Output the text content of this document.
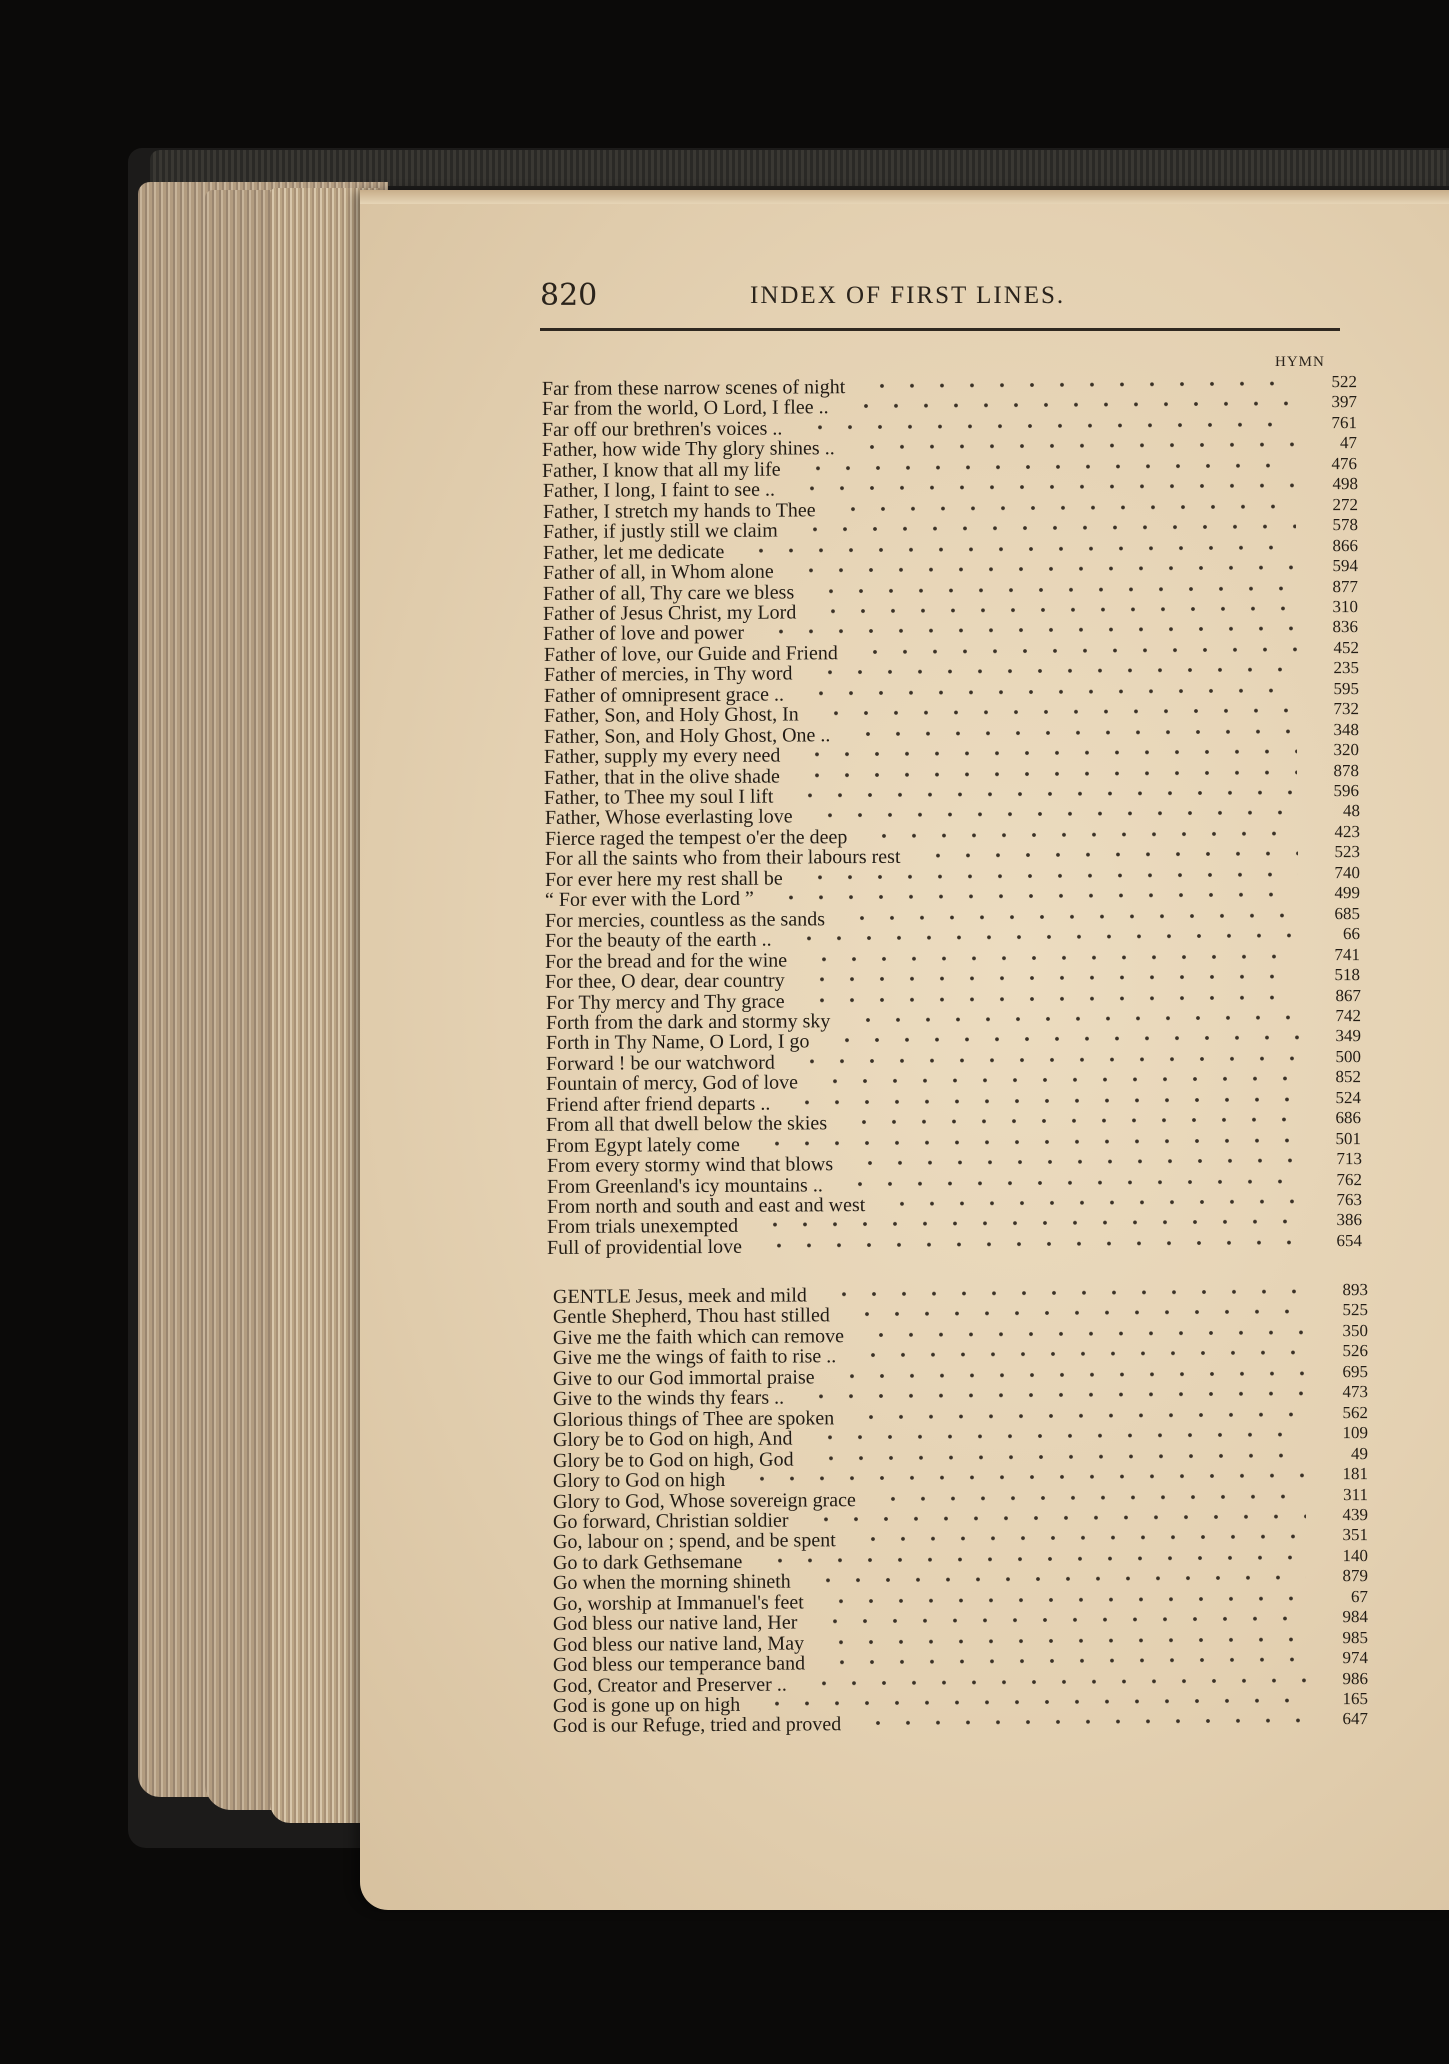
820	INDEX OF FIRST LINES.
HYMN
Far from these narrow scenes of night	522
Far from the world, O Lord, I flee ..	397
Far off our brethren's voices ..	761
Father, how wide Thy glory shines ..	47
Father, I know that all my life	476
Father, I long, I faint to see ..	498
Father, I stretch my hands to Thee	272
Father, if justly still we claim	578
Father, let me dedicate	866
Father of all, in Whom alone	594
Father of all, Thy care we bless	877
Father of Jesus Christ, my Lord	310
Father of love and power	836
Father of love, our Guide and Friend	452
Father of mercies, in Thy word	235
Father of omnipresent grace ..	595
Father, Son, and Holy Ghost, In	732
Father, Son, and Holy Ghost, One ..	348
Father, supply my every need	320
Father, that in the olive shade	878
Father, to Thee my soul I lift	596
Father, Whose everlasting love	48
Fierce raged the tempest o'er the deep	423
For all the saints who from their labours rest	523
For ever here my rest shall be	740
“ For ever with the Lord ”	499
For mercies, countless as the sands	685
For the beauty of the earth ..	66
For the bread and for the wine	741
For thee, O dear, dear country	518
For Thy mercy and Thy grace	867
Forth from the dark and stormy sky	742
Forth in Thy Name, O Lord, I go	349
Forward ! be our watchword	500
Fountain of mercy, God of love	852
Friend after friend departs ..	524
From all that dwell below the skies	686
From Egypt lately come	501
From every stormy wind that blows	713
From Greenland's icy mountains ..	762
From north and south and east and west	763
From trials unexempted	386
Full of providential love	654
GENTLE Jesus, meek and mild	893
Gentle Shepherd, Thou hast stilled	525
Give me the faith which can remove	350
Give me the wings of faith to rise ..	526
Give to our God immortal praise	695
Give to the winds thy fears ..	473
Glorious things of Thee are spoken	562
Glory be to God on high, And	109
Glory be to God on high, God	49
Glory to God on high	181
Glory to God, Whose sovereign grace	311
Go forward, Christian soldier	439
Go, labour on ; spend, and be spent	351
Go to dark Gethsemane	140
Go when the morning shineth	879
Go, worship at Immanuel's feet	67
God bless our native land, Her	984
God bless our native land, May	985
God bless our temperance band	974
God, Creator and Preserver ..	986
God is gone up on high	165
God is our Refuge, tried and proved	647
